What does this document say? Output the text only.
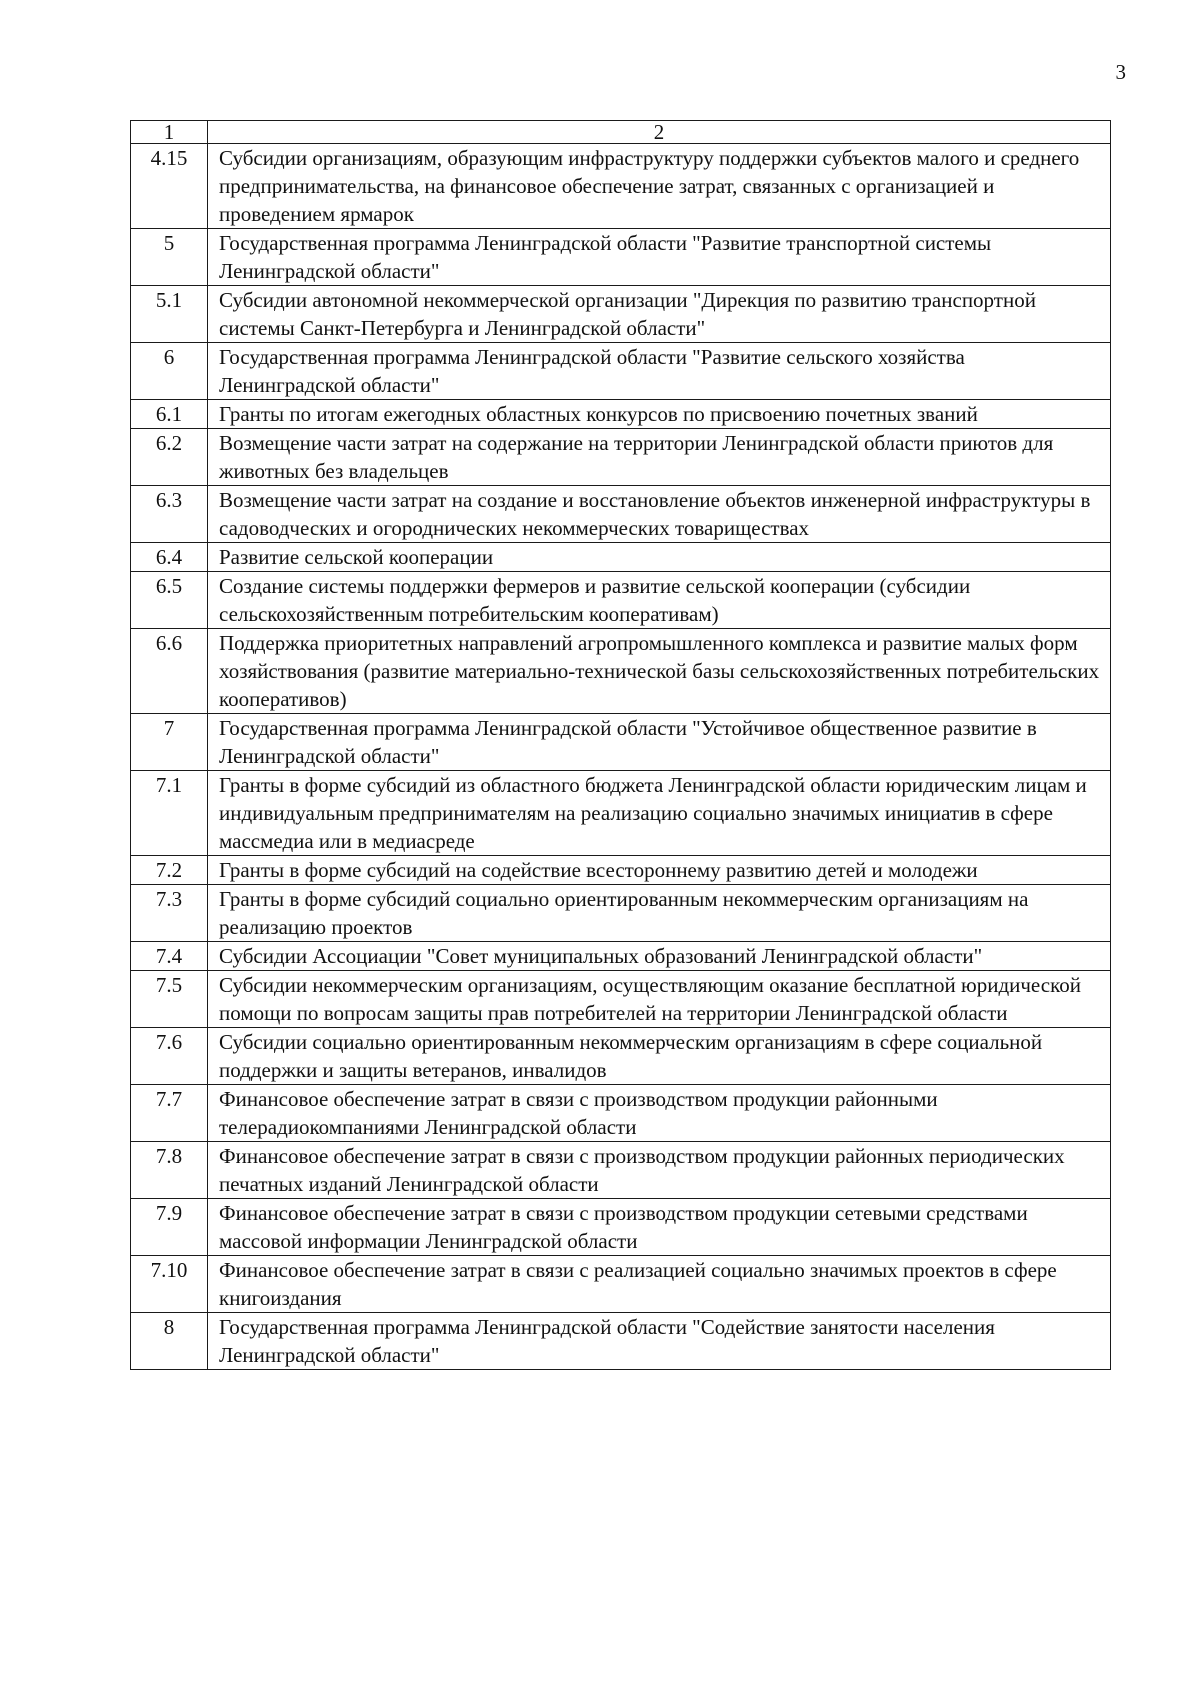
3
1	2
4.15	Субсидии организациям, образующим инфраструктуру поддержки субъектов малого и среднего предпринимательства, на финансовое обеспечение затрат, связанных с организацией и проведением ярмарок
5	Государственная программа Ленинградской области "Развитие транспортной системы Ленинградской области"
5.1	Субсидии автономной некоммерческой организации "Дирекция по развитию транспортной системы Санкт-Петербурга и Ленинградской области"
6	Государственная программа Ленинградской области "Развитие сельского хозяйства Ленинградской области"
6.1	Гранты по итогам ежегодных областных конкурсов по присвоению почетных званий
6.2	Возмещение части затрат на содержание на территории Ленинградской области приютов для животных без владельцев
6.3	Возмещение части затрат на создание и восстановление объектов инженерной инфраструктуры в садоводческих и огороднических некоммерческих товариществах
6.4	Развитие сельской кооперации
6.5	Создание системы поддержки фермеров и развитие сельской кооперации (субсидии сельскохозяйственным потребительским кооперативам)
6.6	Поддержка приоритетных направлений агропромышленного комплекса и развитие малых форм хозяйствования (развитие материально-технической базы сельскохозяйственных потребительских кооперативов)
7	Государственная программа Ленинградской области "Устойчивое общественное развитие в Ленинградской области"
7.1	Гранты в форме субсидий из областного бюджета Ленинградской области юридическим лицам и индивидуальным предпринимателям на реализацию социально значимых инициатив в сфере массмедиа или в медиасреде
7.2	Гранты в форме субсидий на содействие всестороннему развитию детей и молодежи
7.3	Гранты в форме субсидий социально ориентированным некоммерческим организациям на реализацию проектов
7.4	Субсидии Ассоциации "Совет муниципальных образований Ленинградской области"
7.5	Субсидии некоммерческим организациям, осуществляющим оказание бесплатной юридической помощи по вопросам защиты прав потребителей на территории Ленинградской области
7.6	Субсидии социально ориентированным некоммерческим организациям в сфере социальной поддержки и защиты ветеранов, инвалидов
7.7	Финансовое обеспечение затрат в связи с производством продукции районными телерадиокомпаниями Ленинградской области
7.8	Финансовое обеспечение затрат в связи с производством продукции районных периодических печатных изданий Ленинградской области
7.9	Финансовое обеспечение затрат в связи с производством продукции сетевыми средствами массовой информации Ленинградской области
7.10	Финансовое обеспечение затрат в связи с реализацией социально значимых проектов в сфере книгоиздания
8	Государственная программа Ленинградской области "Содействие занятости населения Ленинградской области"
